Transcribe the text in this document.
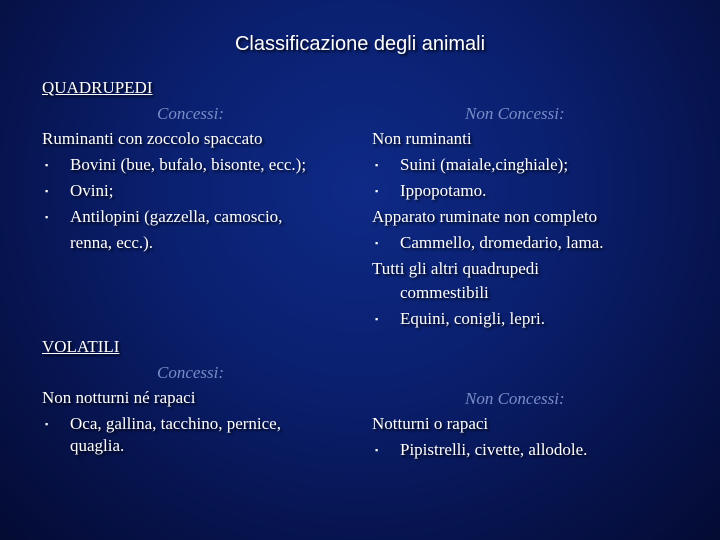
Classificazione degli animali
QUADRUPEDI
Concessi:
Ruminanti con zoccolo spaccato
▪ Bovini (bue, bufalo, bisonte, ecc.);
▪ Ovini;
▪ Antilopini (gazzella, camoscio,
renna, ecc.).
Non Concessi:
Non ruminanti
▪ Suini (maiale,cinghiale);
▪ Ippopotamo.
Apparato ruminate non completo
▪ Cammello, dromedario, lama.
Tutti gli altri quadrupedi
commestibili
▪ Equini, conigli, lepri.
VOLATILI
Concessi:
Non notturni né rapaci
▪ Oca, gallina, tacchino, pernice,
quaglia.
Non Concessi:
Notturni o rapaci
▪ Pipistrelli, civette, allodole.
